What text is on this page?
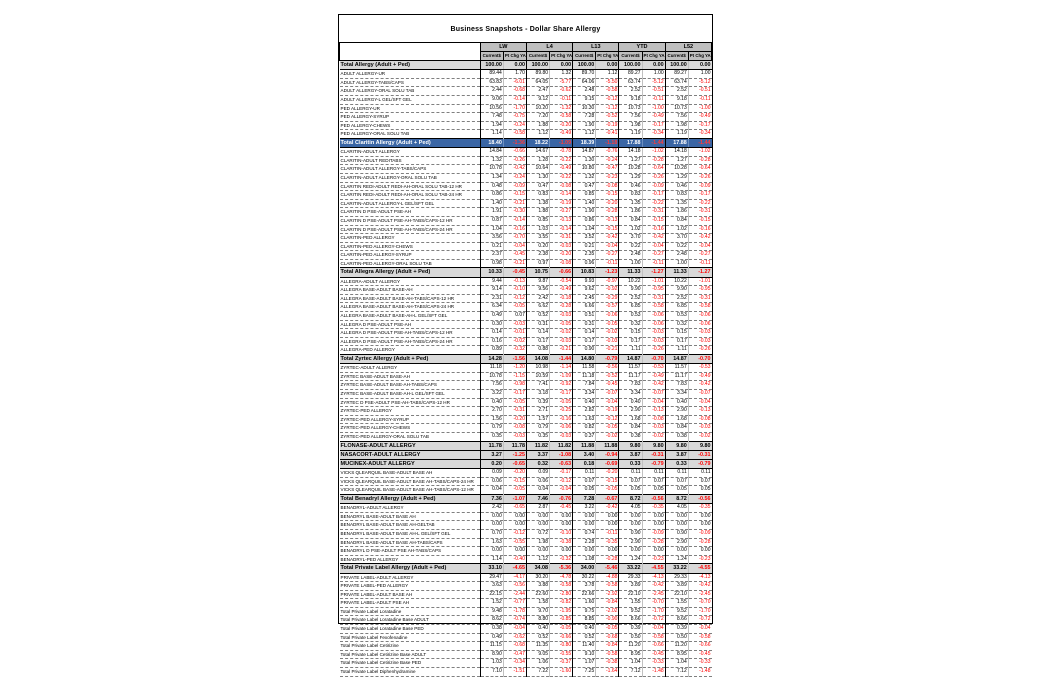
Business Snapshots - Dollar Share Allergy
	LW		L4		L13		YTD		L52	
	Current$	Pt Chg YA	Current$	Pt Chg YA	Current$	Pt Chg YA	Current$	Pt Chg YA	Current$	Pt Chg YA
Total Allergy (Adult + Ped)	100.00	0.00	100.00	0.00	100.00	0.00	100.00	0.00	100.00	0.00
ADULT ALLERGY-UR	89.44	1.70	89.80	1.32	89.70	1.12	89.27	1.00	89.27	1.00
ADULT ALLERGY-TABS/CAPS	63.83	-6.01	64.05	-5.77	64.06	-5.50	63.74	-5.12	63.74	-5.12
ADULT ALLERGY-ORAL SOLU TAB	2.44	-0.68	2.47	-0.62	2.48	-0.58	2.52	-0.51	2.52	-0.51
ADULT ALLERGY-L GEL/SFT GEL	9.06	-0.14	9.12	-0.11	9.15	-0.12	9.18	-0.11	9.18	-0.11
PED ALLERGY-UR	10.56	-1.70	10.20	-1.32	10.30	-1.12	10.73	-1.00	10.73	-1.00
PED ALLERGY-SYRUP	7.48	-0.75	7.20	-0.58	7.28	-0.52	7.56	-0.49	7.56	-0.49
PED ALLERGY-CHEWS	1.94	-0.24	1.88	-0.20	1.90	-0.19	1.98	-0.17	1.98	-0.17
PED ALLERGY-ORAL SOLU TAB	1.14	-0.58	1.12	-0.49	1.12	-0.41	1.19	-0.34	1.19	-0.34
Total Claritin Allergy (Adult + Ped)	18.40	-1.36	18.22	-1.09	18.39	-1.18	17.88	-1.44	17.88	-1.44
CLARITIN-ADULT ALLERGY	14.84	-0.66	14.67	-0.78	14.87	-0.76	14.18	-1.02	14.18	-1.02
CLARITIN-ADULT REDITABS	1.32	-0.26	1.28	-0.22	1.30	-0.24	1.27	-0.28	1.27	-0.28
CLARITIN-ADULT ALLERGY-TABS/CAPS	10.78	-0.42	10.64	-0.49	10.80	-0.47	10.28	-0.64	10.28	-0.64
CLARITIN-ADULT ALLERGY-ORAL SOLU TAB	1.34	-0.24	1.30	-0.22	1.32	-0.23	1.29	-0.26	1.29	-0.26
CLARITIN REDI-ADULT REDI-AH-ORAL SOLU TAB-12 HR	0.48	-0.09	0.47	-0.08	0.47	-0.08	0.46	-0.09	0.46	-0.09
CLARITIN REDI-ADULT REDI-AH-ORAL SOLU TAB-24 HR	0.86	-0.15	0.83	-0.14	0.85	-0.15	0.83	-0.17	0.83	-0.17
CLARITIN-ADULT ALLERGY-L GEL/SFT GEL	1.40	-0.21	1.38	-0.19	1.40	-0.20	1.35	-0.22	1.35	-0.22
CLARITIN D PSE-ADULT PSE-AH	1.91	-0.30	1.88	-0.27	1.90	-0.28	1.86	-0.31	1.86	-0.31
CLARITIN D PSE-ADULT PSE-AH-TABS/CAPS-12 HR	0.87	-0.14	0.85	-0.13	0.86	-0.13	0.84	-0.15	0.84	-0.15
CLARITIN D PSE-ADULT PSE-AH-TABS/CAPS-24 HR	1.04	-0.16	1.03	-0.14	1.04	-0.15	1.02	-0.16	1.02	-0.16
CLARITIN-PED ALLERGY	3.56	-0.70	3.55	-0.31	3.52	-0.42	3.70	-0.42	3.70	-0.42
CLARITIN-PED ALLERGY-CHEWS	0.21	-0.04	0.20	-0.03	0.21	-0.04	0.22	-0.04	0.22	-0.04
CLARITIN-PED ALLERGY-SYRUP	2.37	-0.45	2.38	-0.20	2.35	-0.27	2.48	-0.27	2.48	-0.27
CLARITIN-PED ALLERGY-ORAL SOLU TAB	0.98	-0.21	0.97	-0.08	0.96	-0.11	1.00	-0.11	1.00	-0.11
Total Allegra Allergy (Adult + Ped)	10.33	-0.45	10.75	-0.66	10.83	-1.23	11.33	-1.27	11.33	-1.27
ALLEGRA-ADULT ALLERGY	9.44	-0.13	9.87	-0.54	9.93	-0.97	10.22	-1.01	10.22	-1.01
ALLEGRA BASE-ADULT BASE-AH	9.14	-0.10	9.56	-0.49	9.62	-0.92	9.90	-0.95	9.90	-0.95
ALLEGRA BASE-ADULT BASE-AH-TABS/CAPS-12 HR	2.31	-0.12	2.42	-0.18	2.45	-0.29	2.52	-0.31	2.52	-0.31
ALLEGRA BASE-ADULT BASE-AH-TABS/CAPS-24 HR	6.34	-0.05	6.62	-0.28	6.66	-0.57	6.85	-0.58	6.85	-0.58
ALLEGRA BASE-ADULT BASE-AH-L GEL/SFT GEL	0.49	0.07	0.52	-0.03	0.51	-0.06	0.53	-0.06	0.53	-0.06
ALLEGRA D PSE-ADULT PSE-AH	0.30	-0.03	0.31	-0.05	0.31	-0.05	0.32	-0.06	0.32	-0.06
ALLEGRA D PSE-ADULT PSE-AH-TABS/CAPS-12 HR	0.14	-0.01	0.14	-0.02	0.14	-0.02	0.15	-0.03	0.15	-0.03
ALLEGRA D PSE-ADULT PSE-AH-TABS/CAPS-24 HR	0.16	-0.02	0.17	-0.03	0.17	-0.03	0.17	-0.03	0.17	-0.03
ALLEGRA-PED ALLERGY	0.89	-0.32	0.88	-0.21	0.90	-0.21	1.11	-0.26	1.11	-0.26
Total Zyrtec Allergy (Adult + Ped)	14.28	-1.56	14.08	-1.44	14.80	-0.79	14.87	-0.70	14.87	-0.70
ZYRTEC-ADULT ALLERGY	11.18	-1.20	10.98	-1.14	11.58	-0.56	11.57	-0.53	11.57	-0.53
ZYRTEC BASE-ADULT BASE-AH	10.78	-1.15	10.59	-1.09	11.18	-0.52	11.17	-0.49	11.17	-0.49
ZYRTEC BASE-ADULT BASE-AH-TABS/CAPS	7.56	-0.98	7.41	-0.92	7.84	-0.45	7.83	-0.42	7.83	-0.42
ZYRTEC BASE-ADULT BASE-AH-L GEL/SFT GEL	3.22	-0.17	3.18	-0.17	3.34	-0.07	3.34	-0.07	3.34	-0.07
ZYRTEC D PSE-ADULT PSE-AH-TABS/CAPS-12 HR	0.40	-0.05	0.39	-0.05	0.40	-0.04	0.40	-0.04	0.40	-0.04
ZYRTEC-PED ALLERGY	2.70	-0.31	2.71	-0.25	2.82	-0.19	2.90	-0.13	2.90	-0.13
ZYRTEC-PED ALLERGY-SYRUP	1.56	-0.20	1.57	-0.16	1.63	-0.12	1.68	-0.08	1.68	-0.08
ZYRTEC-PED ALLERGY-CHEWS	0.79	-0.08	0.79	-0.06	0.82	-0.05	0.84	-0.03	0.84	-0.03
ZYRTEC-PED ALLERGY-ORAL SOLU TAB	0.35	-0.03	0.35	-0.03	0.37	-0.02	0.38	-0.02	0.38	-0.02
FLONASE-ADULT ALLERGY	11.78	11.78	11.82	11.82	11.88	11.88	9.80	9.80	9.80	9.80
NASACORT-ADULT ALLERGY	3.27	-1.25	3.37	-1.08	3.40	-0.94	3.87	-0.31	3.87	-0.31
MUCINEX-ADULT ALLERGY	0.20	-0.65	0.32	-0.63	0.18	-0.69	0.33	-0.79	0.33	-0.79
VICKS QLEARQUIL BASE-ADULT BASE AH	0.09	-0.20	0.09	-0.17	0.11	-0.20	0.11	0.11	0.11	0.11
VICKS QLEARQUIL BASE-ADULT BASE AH-TABS/CAPS-24 HR	0.06	-0.15	0.06	-0.12	0.07	-0.15	0.07	0.07	0.07	0.07
VICKS QLEARQUIL BASE-ADULT BASE AH-TABS/CAPS-12 HR	0.04	-0.05	0.04	-0.04	0.05	-0.05	0.05	0.05	0.05	0.05
Total Benadryl Allergy (Adult + Ped)	7.36	-1.07	7.46	-0.76	7.28	-0.67	8.72	-0.56	8.72	-0.56
BENADRYL-ADULT ALLERGY	2.42	-0.65	2.87	-0.45	3.22	-0.42	4.05	-0.35	4.05	-0.35
BENADRYL BASE-ADULT BASE AH	0.00	0.00	0.00	0.00	0.00	0.00	0.00	0.00	0.00	0.00
BENADRYL BASE-ADULT BASE AH-GELTAB	0.00	0.00	0.00	0.00	0.00	0.00	0.00	0.00	0.00	0.00
BENADRYL BASE-ADULT BASE AH-L GEL/SFT GEL	0.70	-0.12	0.72	-0.10	0.74	-0.11	0.90	-0.09	0.90	-0.09
BENADRYL BASE-ADULT BASE AH-TABS/CAPS	1.63	-0.55	1.98	-0.38	2.28	-0.35	2.90	-0.28	2.90	-0.28
BENADRYL D PSE-ADULT PSE AH-TABS/CAPS	0.00	0.00	0.00	0.00	0.00	0.00	0.00	0.00	0.00	0.00
BENADRYL-PED ALLERGY	1.14	-0.40	1.12	-0.32	1.08	-0.28	1.24	-0.23	1.24	-0.23
Total Private Label Allergy (Adult + Ped)	33.10	-4.65	34.08	-5.36	34.00	-5.46	33.22	-4.55	33.22	-4.55
PRIVATE LABEL-ADULT ALLERGY	29.47	-4.17	30.20	-4.78	30.22	-4.88	29.33	-4.13	29.33	-4.13
PRIVATE LABEL-PED ALLERGY	3.63	-0.56	3.88	-0.58	3.78	-0.58	3.89	-0.42	3.89	-0.42
PRIVATE LABEL-ADULT BASE AH	22.15	-2.44	22.60	-2.80	22.66	-2.92	22.10	-2.45	22.10	-2.45
PRIVATE LABEL-ADULT PSE AH	1.52	-0.77	1.58	-0.82	1.60	-0.84	1.55	-0.70	1.55	-0.70
Total Private Label Loratadine	9.48	-1.78	9.70	-1.95	9.75	-2.02	9.52	-1.70	9.52	-1.70
Total Private Label Loratadine Base ADULT	8.62	-0.74	8.80	-0.85	8.85	-0.90	8.66	-0.72	8.66	-0.72
Total Private Label Loratadine Base PED	0.38	-0.04	0.40	-0.05	0.40	-0.05	0.39	-0.04	0.39	-0.04
Total Private Label Fexofenadine	0.49	-0.62	0.52	-0.66	0.52	-0.68	0.50	-0.58	0.50	-0.58
Total Private Label Cetirizine	11.15	-0.68	11.35	-0.80	11.40	-0.84	11.20	-0.66	11.20	-0.66
Total Private Label Cetirizine Base ADULT	8.90	-0.47	9.05	-0.55	9.10	-0.58	8.95	-0.45	8.95	-0.45
Total Private Label Cetirizine Base PED	1.03	-0.34	1.06	-0.37	1.07	-0.38	1.04	-0.33	1.04	-0.33
Total Private Label Diphenhydramine	7.10	-1.51	7.22	-1.60	7.25	-1.64	7.12	-1.48	7.12	-1.48
